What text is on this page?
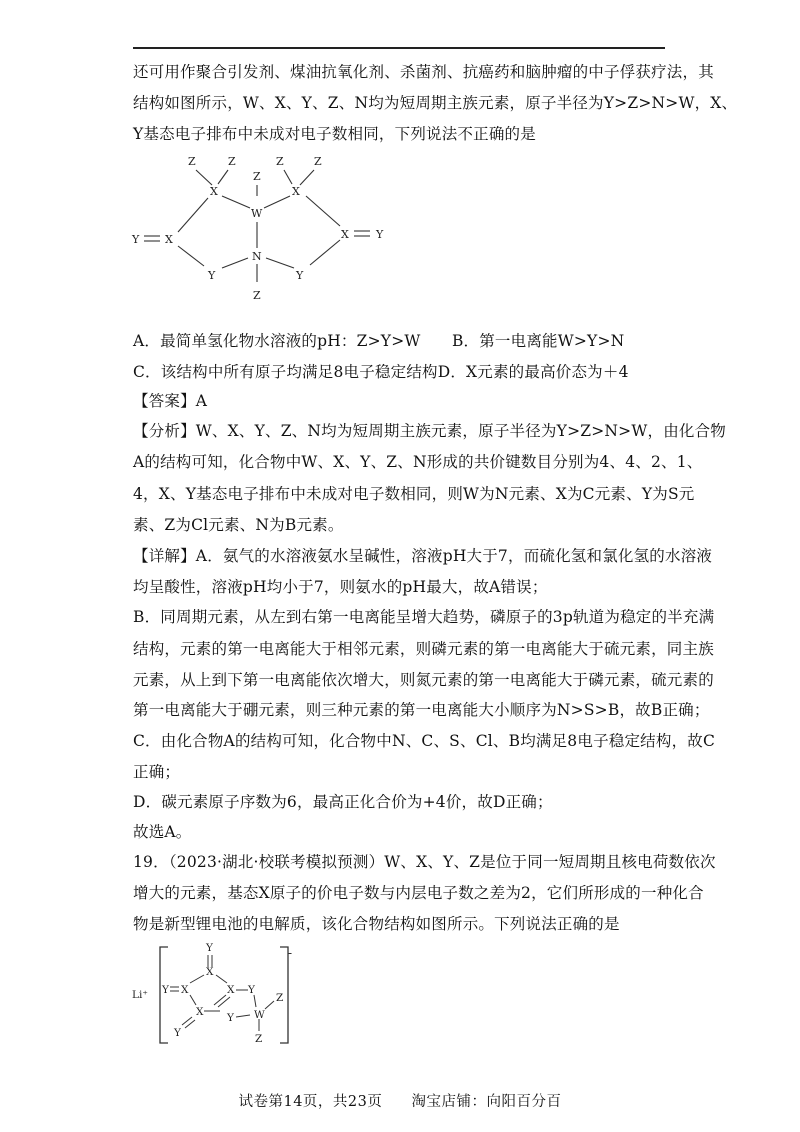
还可用作聚合引发剂、煤油抗氧化剂、杀菌剂、抗癌药和脑肿瘤的中子俘获疗法，其
结构如图所示，W、X、Y、Z、N均为短周期主族元素，原子半径为Y>Z>N>W，X、
Y基态电子排布中未成对电子数相同，下列说法不正确的是
Z	Z	Z	Z
Z
X	X
W
Y X	X Y
N
Y	Y
Z
A．最简单氢化物水溶液的pH：Z>Y>W　　B．第一电离能W>Y>N
C．该结构中所有原子均满足8电子稳定结构D．X元素的最高价态为＋4
【答案】A
【分析】W、X、Y、Z、N均为短周期主族元素，原子半径为Y>Z>N>W，由化合物
A的结构可知，化合物中W、X、Y、Z、N形成的共价键数目分别为4、4、2、1、
4，X、Y基态电子排布中未成对电子数相同，则W为N元素、X为C元素、Y为S元
素、Z为Cl元素、N为B元素。
【详解】A．氨气的水溶液氨水呈碱性，溶液pH大于7，而硫化氢和氯化氢的水溶液
均呈酸性，溶液pH均小于7，则氨水的pH最大，故A错误；
B．同周期元素，从左到右第一电离能呈增大趋势，磷原子的3p轨道为稳定的半充满
结构，元素的第一电离能大于相邻元素，则磷元素的第一电离能大于硫元素，同主族
元素，从上到下第一电离能依次增大，则氮元素的第一电离能大于磷元素，硫元素的
第一电离能大于硼元素，则三种元素的第一电离能大小顺序为N>S>B，故B正确；
C．由化合物A的结构可知，化合物中N、C、S、Cl、B均满足8电子稳定结构，故C
正确；
D．碳元素原子序数为6，最高正化合价为+4价，故D正确；
故选A。
19．（2023·湖北·校联考模拟预测）W、X、Y、Z是位于同一短周期且核电荷数依次
增大的元素，基态X原子的价电子数与内层电子数之差为2，它们所形成的一种化合
物是新型锂电池的电解质，该化合物结构如图所示。下列说法正确的是
Li⁺
-
Y
X
Y X	X Y
Z
X Y W
Y	Z
试卷第14页，共23页 淘宝店铺：向阳百分百
